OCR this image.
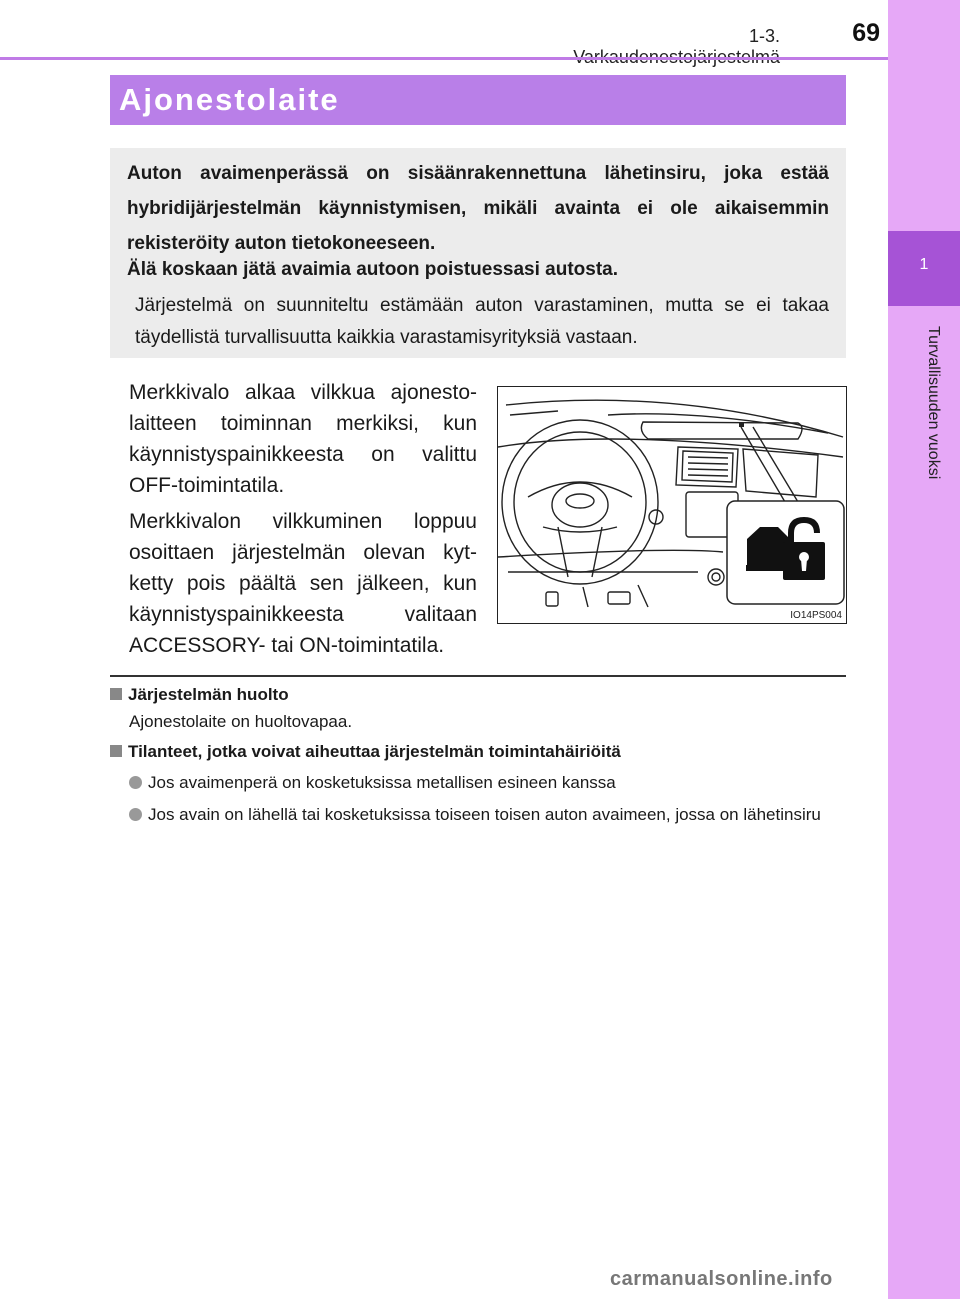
1-3.	69
1
Turvallisuuden vuoksi
Ajonestolaite

Auton avaimenperässä on sisäänrakennettuna lähetinsiru, joka estää hybridijärjestelmän käynnistymisen, mikäli avainta ei ole aikaisemmin rekisteröity auton tietokoneeseen.

Älä koskaan jätä avaimia autoon poistuessasi autosta.

Järjestelmä on suunniteltu estämään auton varastaminen, mutta se ei takaa täydellistä turvallisuutta kaikkia varastamisyrityksiä vastaan.

Merkkivalo alkaa vilkkua ajonesto-laitteen toiminnan merkiksi, kun käynnistyspainikkeesta on valittu OFF-toimintatila.

Merkkivalon vilkkuminen loppuu osoittaen järjestelmän olevan kyt-ketty pois päältä sen jälkeen, kun käynnistyspainikkeesta valitaan ACCESSORY- tai ON-toimintatila.

IO14PS004

Järjestelmän huolto

Ajonestolaite on huoltovapaa.

Tilanteet, jotka voivat aiheuttaa järjestelmän toimintahäiriöitä

Jos avaimenperä on kosketuksissa metallisen esineen kanssa

Jos avain on lähellä tai kosketuksissa toiseen toisen auton avaimeen, jossa on lähetinsiru

carmanualsonline.info
